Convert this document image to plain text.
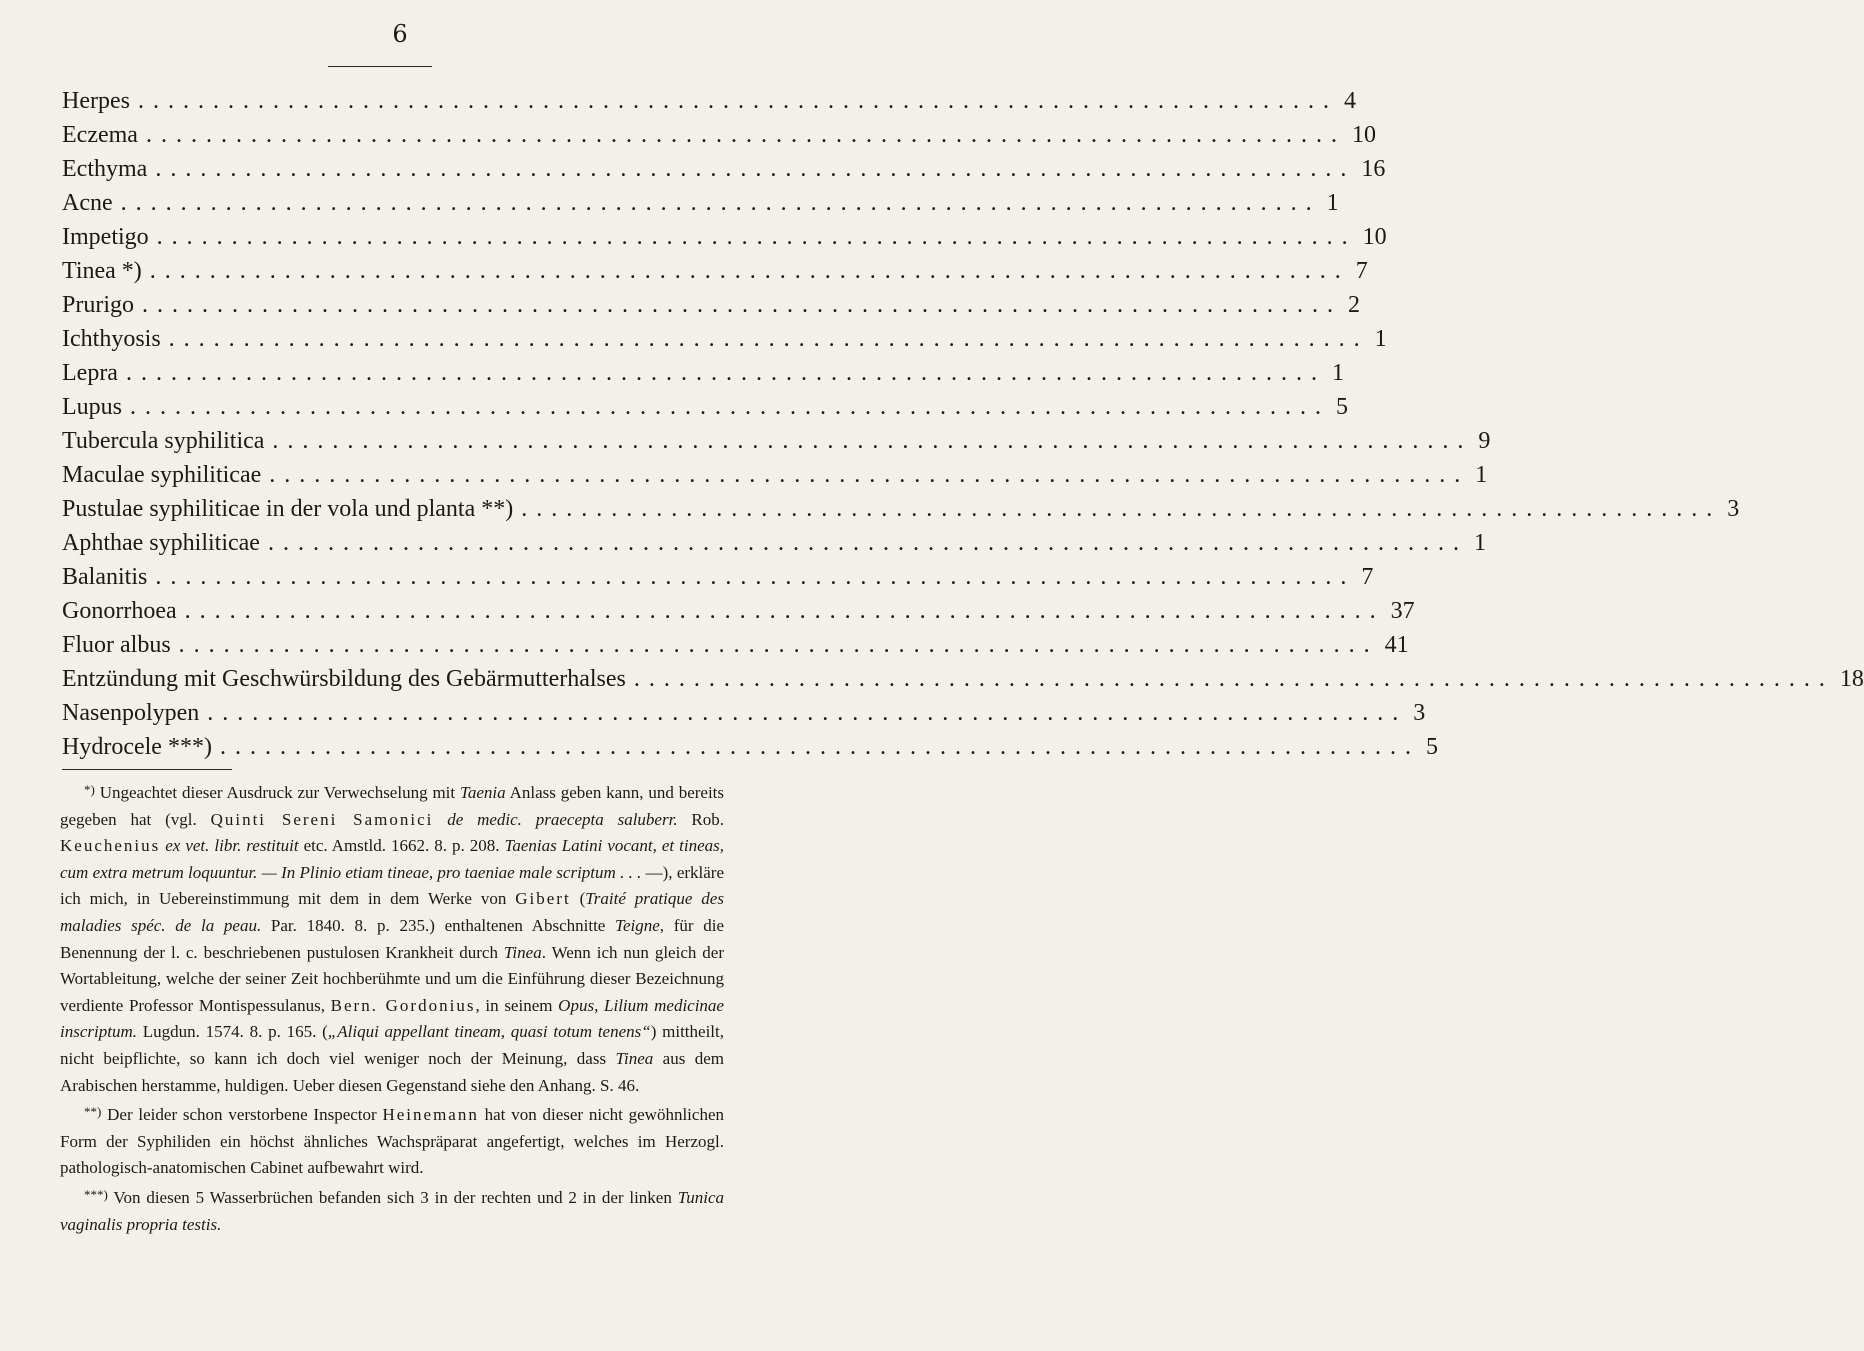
6
Herpes ................................................................................ 4
Eczema ................................................................................ 10
Ecthyma ................................................................................ 16
Acne ................................................................................ 1
Impetigo ................................................................................ 10
Tinea *) ................................................................................ 7
Prurigo ................................................................................ 2
Ichthyosis ................................................................................ 1
Lepra ................................................................................ 1
Lupus ................................................................................ 5
Tubercula syphilitica ................................................................................ 9
Maculae syphiliticae ................................................................................ 1
Pustulae syphiliticae in der vola und planta **) ................................................................................ 3
Aphthae syphiliticae ................................................................................ 1
Balanitis ................................................................................ 7
Gonorrhoea ................................................................................ 37
Fluor albus ................................................................................ 41
Entzündung mit Geschwürsbildung des Gebärmutterhalses ................................................................................ 18
Nasenpolypen ................................................................................ 3
Hydrocele ***) ................................................................................ 5

*) Ungeachtet dieser Ausdruck zur Verwechselung mit Taenia Anlass geben kann, und bereits gegeben hat (vgl. Quinti Sereni Samonici de medic. praecepta saluberr. Rob. Keuchenius ex vet. libr. restituit etc. Amstld. 1662. 8. p. 208. Taenias Latini vocant, et tineas, cum extra metrum loquuntur. — In Plinio etiam tineae, pro taeniae male scriptum . . . —), erkläre ich mich, in Uebereinstimmung mit dem in dem Werke von Gibert (Traité pratique des maladies spéc. de la peau. Par. 1840. 8. p. 235.) enthaltenen Abschnitte Teigne, für die Benennung der l. c. beschriebenen pustulosen Krankheit durch Tinea. Wenn ich nun gleich der Wortableitung, welche der seiner Zeit hochberühmte und um die Einführung dieser Bezeichnung verdiente Professor Montispessulanus, Bern. Gordonius, in seinem Opus, Lilium medicinae inscriptum. Lugdun. 1574. 8. p. 165. („Aliqui appellant tineam, quasi totum tenens“) mittheilt, nicht beipflichte, so kann ich doch viel weniger noch der Meinung, dass Tinea aus dem Arabischen herstamme, huldigen. Ueber diesen Gegenstand siehe den Anhang. S. 46.

**) Der leider schon verstorbene Inspector Heinemann hat von dieser nicht gewöhnlichen Form der Syphiliden ein höchst ähnliches Wachspräparat angefertigt, welches im Herzogl. pathologisch-anatomischen Cabinet aufbewahrt wird.

***) Von diesen 5 Wasserbrüchen befanden sich 3 in der rechten und 2 in der linken Tunica vaginalis propria testis.
